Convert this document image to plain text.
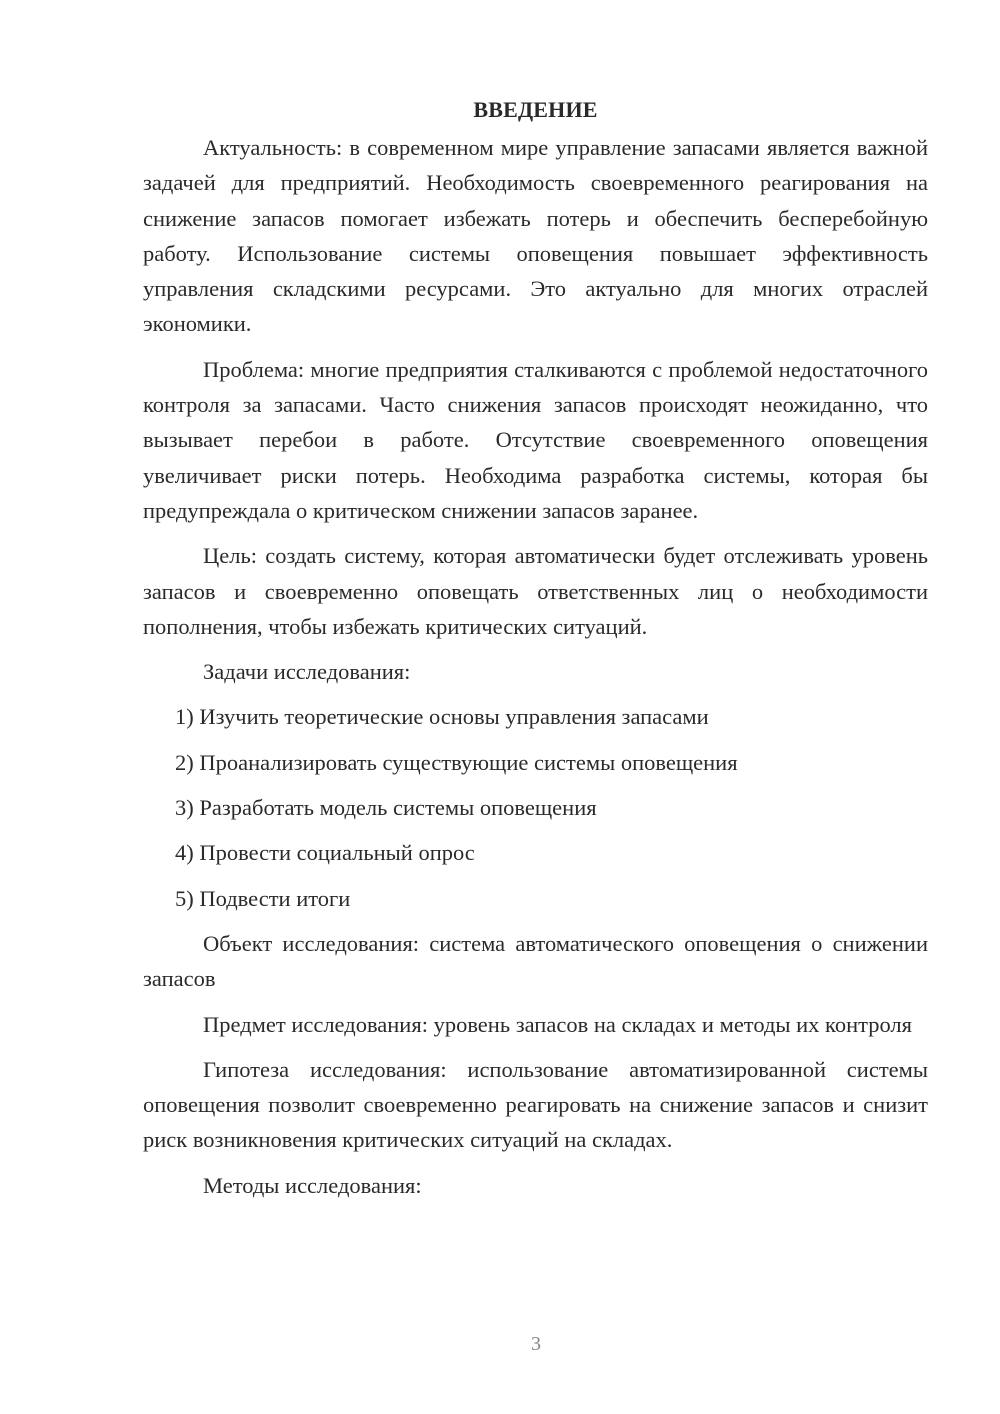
ВВЕДЕНИЕ

Актуальность: в современном мире управление запасами является важной задачей для предприятий. Необходимость своевременного реагирования на снижение запасов помогает избежать потерь и обеспечить бесперебойную работу. Использование системы оповещения повышает эффективность управления складскими ресурсами. Это актуально для многих отраслей экономики.

Проблема: многие предприятия сталкиваются с проблемой недостаточного контроля за запасами. Часто снижения запасов происходят неожиданно, что вызывает перебои в работе. Отсутствие своевременного оповещения увеличивает риски потерь. Необходима разработка системы, которая бы предупреждала о критическом снижении запасов заранее.

Цель: создать систему, которая автоматически будет отслеживать уровень запасов и своевременно оповещать ответственных лиц о необходимости пополнения, чтобы избежать критических ситуаций.

Задачи исследования:

1) Изучить теоретические основы управления запасами
2) Проанализировать существующие системы оповещения
3) Разработать модель системы оповещения
4) Провести социальный опрос
5) Подвести итоги

Объект исследования: система автоматического оповещения о снижении запасов

Предмет исследования: уровень запасов на складах и методы их контроля

Гипотеза исследования: использование автоматизированной системы оповещения позволит своевременно реагировать на снижение запасов и снизит риск возникновения критических ситуаций на складах.

Методы исследования:

3
